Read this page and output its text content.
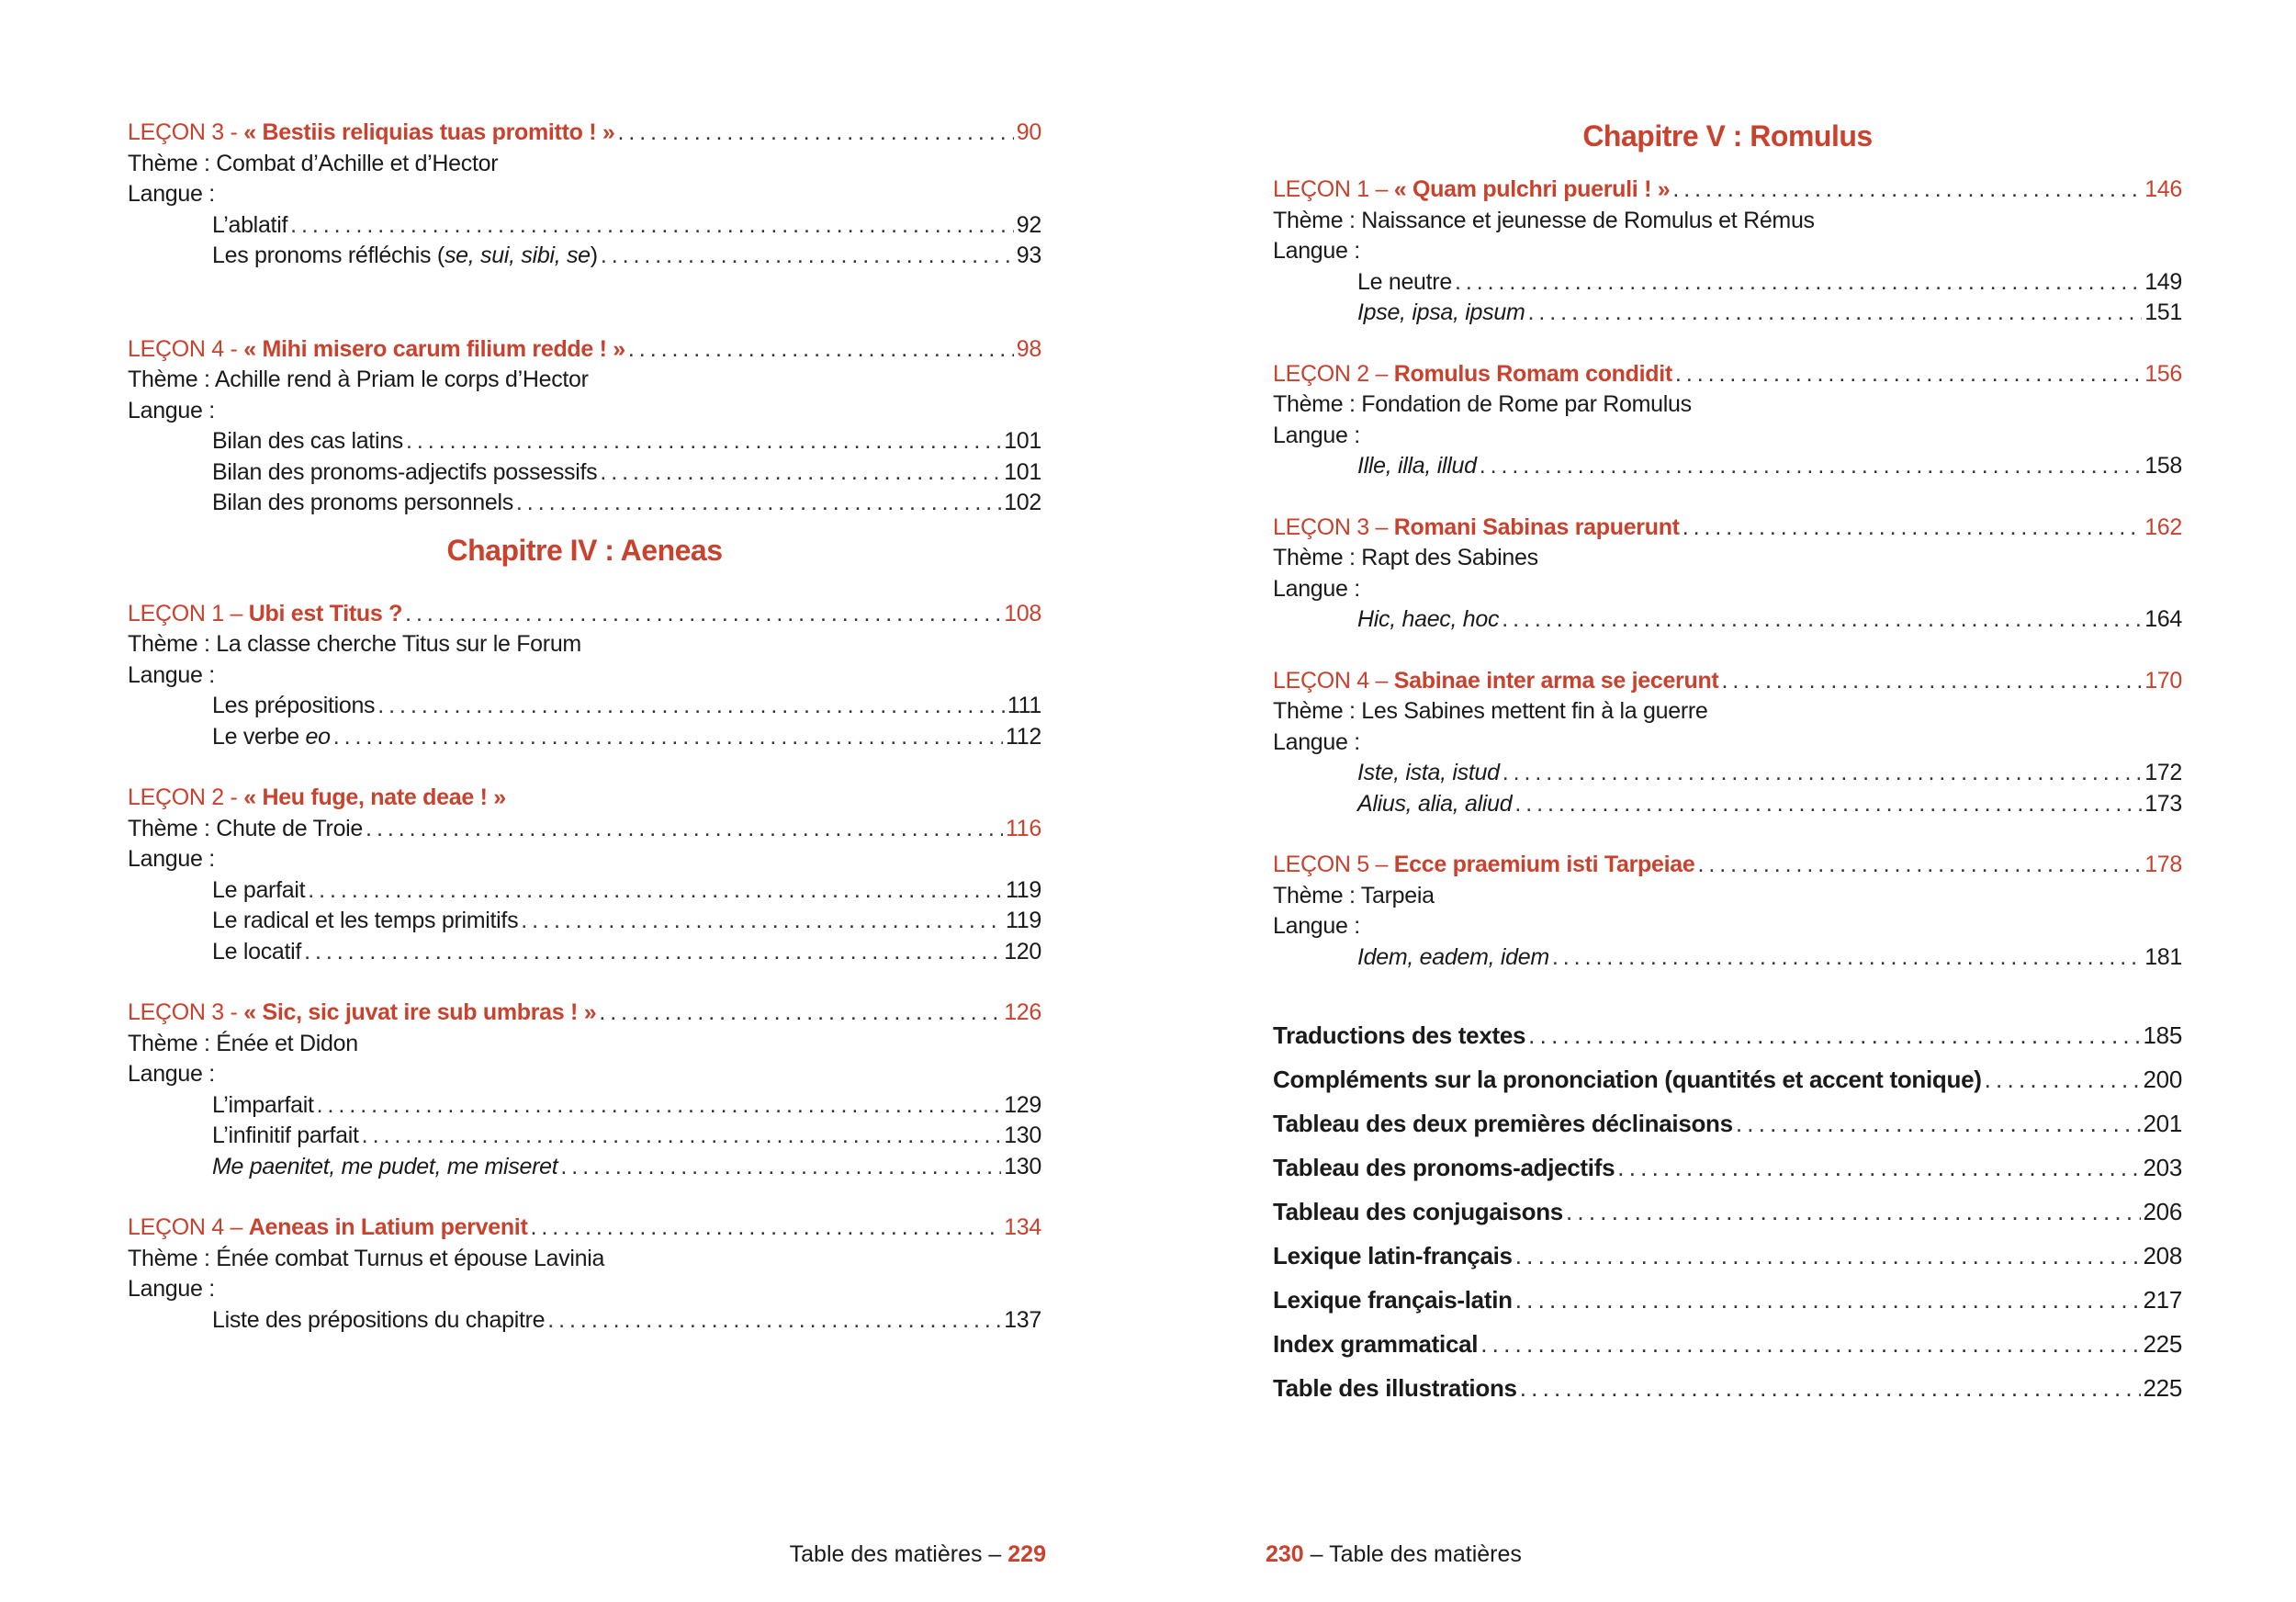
LEÇON 3 - « Bestiis reliquias tuas promitto ! » . . .	90
Thème : Combat d’Achille et d’Hector
Langue :
L’ablatif . . .	92
Les pronoms réfléchis (se, sui, sibi, se) . . .	93
LEÇON 4 - « Mihi misero carum filium redde ! » . . .	98
Thème : Achille rend à Priam le corps d’Hector
Langue :
Bilan des cas latins . . .	101
Bilan des pronoms-adjectifs possessifs . . .	101
Bilan des pronoms personnels . . .	102
Chapitre IV : Aeneas
LEÇON 1 – Ubi est Titus ? . . .	108
Thème : La classe cherche Titus sur le Forum
Langue :
Les prépositions . . .	111
Le verbe eo . . .	112
LEÇON 2 - « Heu fuge, nate deae ! »
Thème : Chute de Troie . . .	116
Langue :
Le parfait . . .	119
Le radical et les temps primitifs . . .	119
Le locatif . . .	120
LEÇON 3 - « Sic, sic juvat ire sub umbras ! » . . .	126
Thème : Énée et Didon
Langue :
L’imparfait . . .	129
L’infinitif parfait . . .	130
Me paenitet, me pudet, me miseret . . .	130
LEÇON 4 – Aeneas in Latium pervenit . . .	134
Thème : Énée combat Turnus et épouse Lavinia
Langue :
Liste des prépositions du chapitre . . .	137
Table des matières – 229
Chapitre V : Romulus
LEÇON 1 – « Quam pulchri pueruli ! » . . .	146
Thème : Naissance et jeunesse de Romulus et Rémus
Langue :
Le neutre . . .	149
Ipse, ipsa, ipsum . . .	151
LEÇON 2 – Romulus Romam condidit . . .	156
Thème : Fondation de Rome par Romulus
Langue :
Ille, illa, illud . . .	158
LEÇON 3 – Romani Sabinas rapuerunt . . .	162
Thème : Rapt des Sabines
Langue :
Hic, haec, hoc . . .	164
LEÇON 4 – Sabinae inter arma se jecerunt . . .	170
Thème : Les Sabines mettent fin à la guerre
Langue :
Iste, ista, istud . . .	172
Alius, alia, aliud . . .	173
LEÇON 5 – Ecce praemium isti Tarpeiae . . .	178
Thème : Tarpeia
Langue :
Idem, eadem, idem . . .	181
Traductions des textes . . .	185
Compléments sur la prononciation (quantités et accent tonique) . . .	200
Tableau des deux premières déclinaisons . . .	201
Tableau des pronoms-adjectifs . . .	203
Tableau des conjugaisons . . .	206
Lexique latin-français . . .	208
Lexique français-latin . . .	217
Index grammatical . . .	225
Table des illustrations . . .	225
230 – Table des matières
